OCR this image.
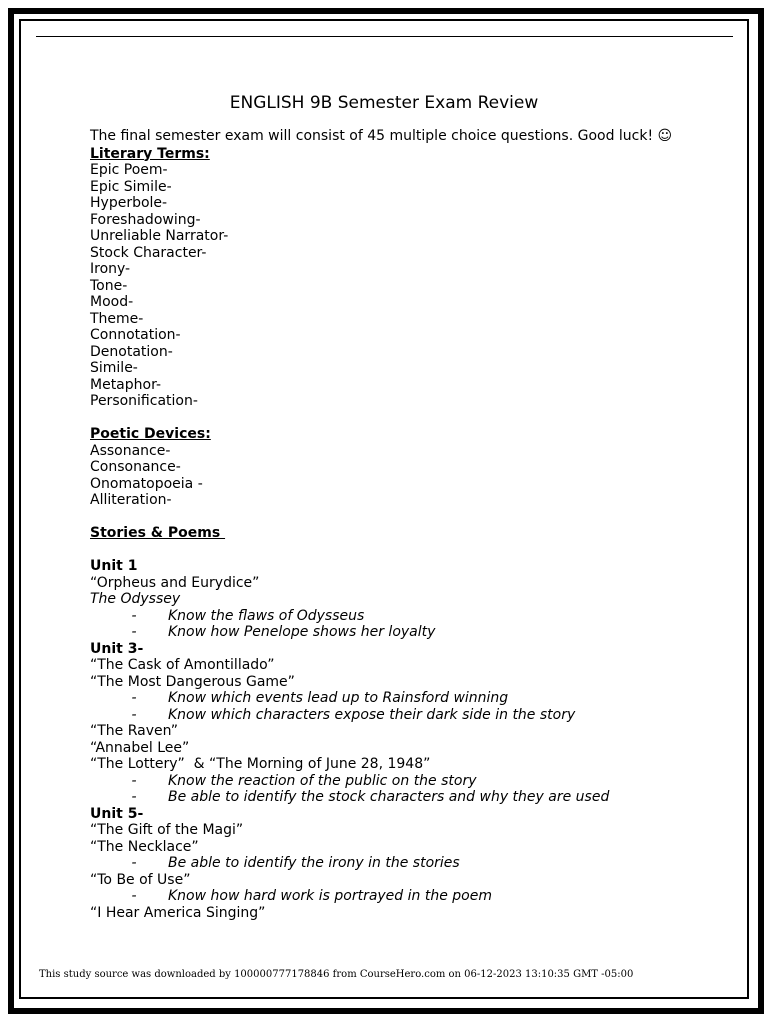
ENGLISH 9B Semester Exam Review
The final semester exam will consist of 45 multiple choice questions. Good luck! ☺
Literary Terms:
Epic Poem-
Epic Simile-
Hyperbole-
Foreshadowing-
Unreliable Narrator-
Stock Character-
Irony-
Tone-
Mood-
Theme-
Connotation-
Denotation-
Simile-
Metaphor-
Personification-
Poetic Devices:
Assonance-
Consonance-
Onomatopoeia -
Alliteration-
Stories & Poems
Unit 1
“Orpheus and Eurydice”
The Odyssey
-	Know the flaws of Odysseus
-	Know how Penelope shows her loyalty
Unit 3-
“The Cask of Amontillado”
“The Most Dangerous Game”
-	Know which events lead up to Rainsford winning
-	Know which characters expose their dark side in the story
“The Raven”
“Annabel Lee”
“The Lottery”  & “The Morning of June 28, 1948”
-	Know the reaction of the public on the story
-	Be able to identify the stock characters and why they are used
Unit 5-
“The Gift of the Magi”
“The Necklace”
-	Be able to identify the irony in the stories
“To Be of Use”
-	Know how hard work is portrayed in the poem
“I Hear America Singing”
This study source was downloaded by 100000777178846 from CourseHero.com on 06-12-2023 13:10:35 GMT -05:00
